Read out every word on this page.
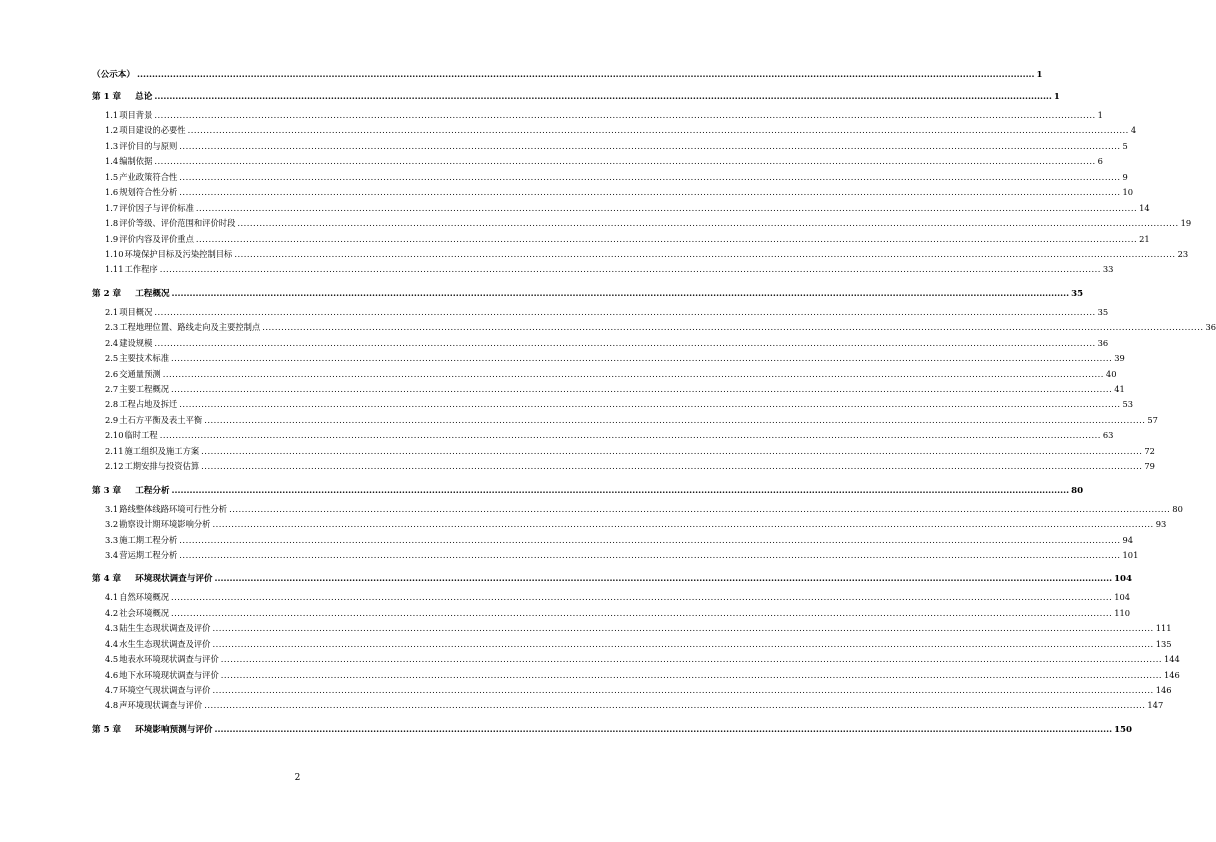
（公示本） ............................................................................................................................................................................................................................................................................................................ 1
第 1 章 总论 ............................................................................................................................................................................................................................................................................................................ 1
1.1 项目背景 ............................................................................................................................................................................................................................................................................................................ 1
1.2 项目建设的必要性 ............................................................................................................................................................................................................................................................................................................ 4
1.3 评价目的与原则 ............................................................................................................................................................................................................................................................................................................ 5
1.4 编制依据 ............................................................................................................................................................................................................................................................................................................ 6
1.5 产业政策符合性 ............................................................................................................................................................................................................................................................................................................ 9
1.6 规划符合性分析 ............................................................................................................................................................................................................................................................................................................ 10
1.7 评价因子与评价标准 ............................................................................................................................................................................................................................................................................................................ 14
1.8 评价等级、评价范围和评价时段 ............................................................................................................................................................................................................................................................................................................ 19
1.9 评价内容及评价重点 ............................................................................................................................................................................................................................................................................................................ 21
1.10 环境保护目标及污染控制目标 ............................................................................................................................................................................................................................................................................................................ 23
1.11 工作程序 ............................................................................................................................................................................................................................................................................................................ 33
第 2 章 工程概况 ............................................................................................................................................................................................................................................................................................................ 35
2.1 项目概况 ............................................................................................................................................................................................................................................................................................................ 35
2.3 工程地理位置、路线走向及主要控制点 ............................................................................................................................................................................................................................................................................................................ 36
2.4 建设规模 ............................................................................................................................................................................................................................................................................................................ 36
2.5 主要技术标准 ............................................................................................................................................................................................................................................................................................................ 39
2.6 交通量预测 ............................................................................................................................................................................................................................................................................................................ 40
2.7 主要工程概况 ............................................................................................................................................................................................................................................................................................................ 41
2.8 工程占地及拆迁 ............................................................................................................................................................................................................................................................................................................ 53
2.9 土石方平衡及表土平衡 ............................................................................................................................................................................................................................................................................................................ 57
2.10 临时工程 ............................................................................................................................................................................................................................................................................................................ 63
2.11 施工组织及施工方案 ............................................................................................................................................................................................................................................................................................................ 72
2.12 工期安排与投资估算 ............................................................................................................................................................................................................................................................................................................ 79
第 3 章 工程分析 ............................................................................................................................................................................................................................................................................................................ 80
3.1 路线整体线路环境可行性分析 ............................................................................................................................................................................................................................................................................................................ 80
3.2 勘察设计期环境影响分析 ............................................................................................................................................................................................................................................................................................................ 93
3.3 施工期工程分析 ............................................................................................................................................................................................................................................................................................................ 94
3.4 营运期工程分析 ............................................................................................................................................................................................................................................................................................................ 101
第 4 章 环境现状调查与评价 ............................................................................................................................................................................................................................................................................................................ 104
4.1 自然环境概况 ............................................................................................................................................................................................................................................................................................................ 104
4.2 社会环境概况 ............................................................................................................................................................................................................................................................................................................ 110
4.3 陆生生态现状调查及评价 ............................................................................................................................................................................................................................................................................................................ 111
4.4 水生生态现状调查及评价 ............................................................................................................................................................................................................................................................................................................ 135
4.5 地表水环境现状调查与评价 ............................................................................................................................................................................................................................................................................................................ 144
4.6 地下水环境现状调查与评价 ............................................................................................................................................................................................................................................................................................................ 146
4.7 环境空气现状调查与评价 ............................................................................................................................................................................................................................................................................................................ 146
4.8 声环境现状调查与评价 ............................................................................................................................................................................................................................................................................................................ 147
第 5 章 环境影响预测与评价 ............................................................................................................................................................................................................................................................................................................ 150
2
